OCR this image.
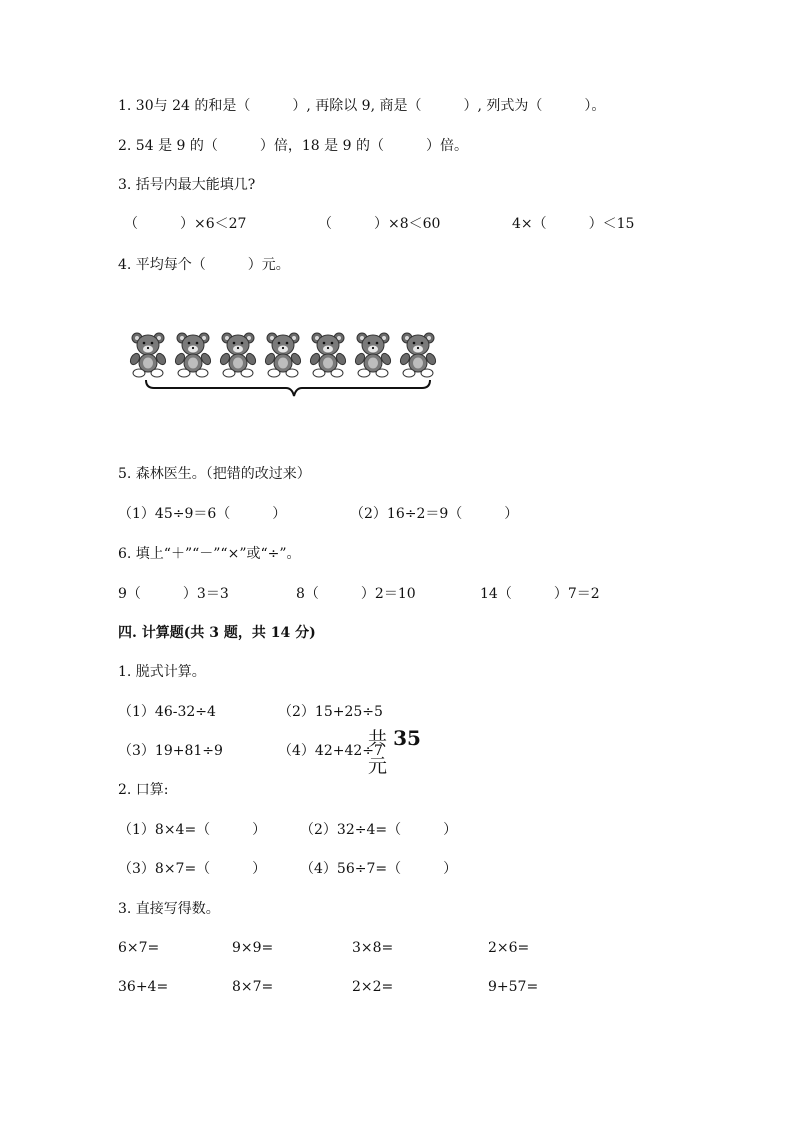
1. 30与 24 的和是（　　　）, 再除以 9, 商是（　　　）, 列式为（　　　）。
2. 54 是 9 的（　　　）倍，18 是 9 的（　　　）倍。
3. 括号内最大能填几?
（　　　）×6＜27	（　　　）×8＜60	4×（　　　）＜15
4. 平均每个（　　　）元。
共 35 元
5. 森林医生。（把错的改过来）
（1）45÷9＝6（　　　）	（2）16÷2＝9（　　　）
6. 填上“＋”“－”“×”或“÷”。
9（　　　）3＝3	8（　　　）2＝10	14（　　　）7＝2
四. 计算题(共 3 题，共 14 分)
1. 脱式计算。
（1）46-32÷4	（2）15+25÷5
（3）19+81÷9	（4）42+42÷7
2. 口算:
（1）8×4=（　　　） （2）32÷4=（　　　）
（3）8×7=（　　　） （4）56÷7=（　　　）
3. 直接写得数。
6×7=	9×9=	3×8=	2×6=
36+4=	8×7=	2×2=	9+57=
